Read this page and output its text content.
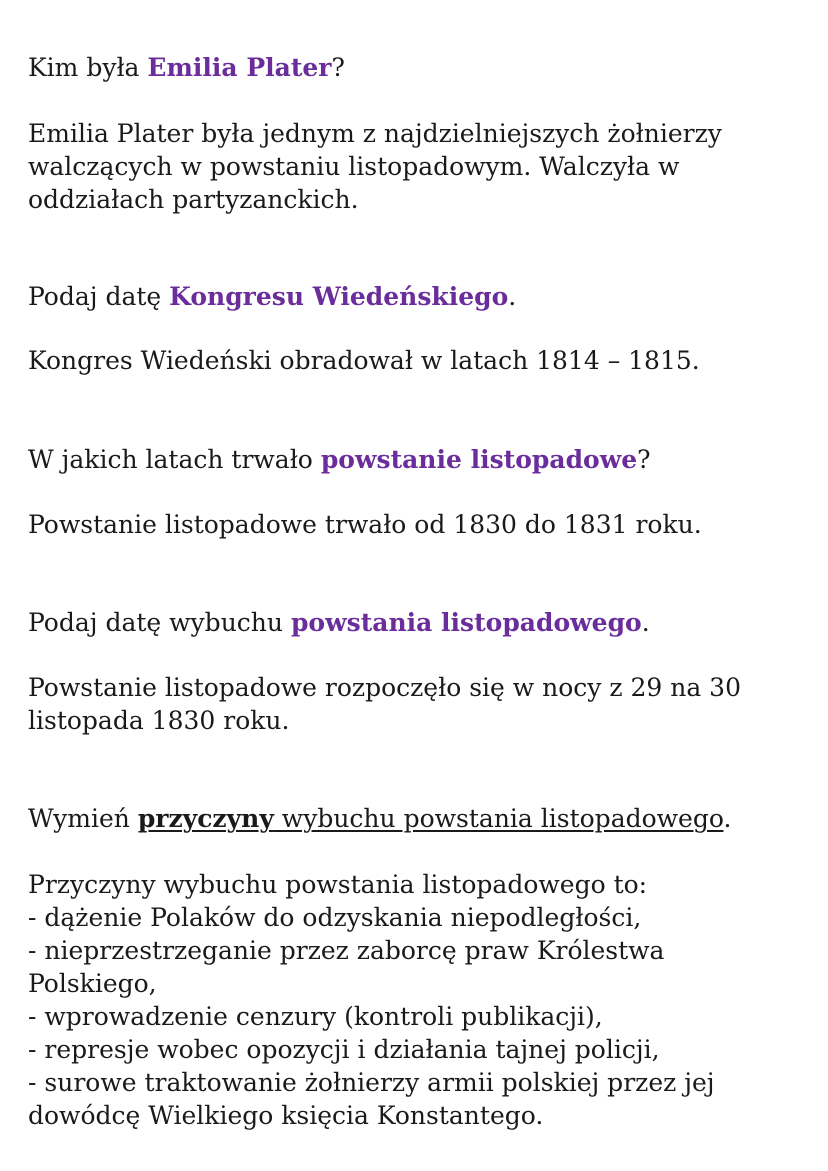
Kim była Emilia Plater?

Emilia Plater była jednym z najdzielniejszych żołnierzy

walczących w powstaniu listopadowym. Walczyła w

oddziałach partyzanckich.

Podaj datę Kongresu Wiedeńskiego.

Kongres Wiedeński obradował w latach 1814 – 1815.

W jakich latach trwało powstanie listopadowe?

Powstanie listopadowe trwało od 1830 do 1831 roku.

Podaj datę wybuchu powstania listopadowego.

Powstanie listopadowe rozpoczęło się w nocy z 29 na 30

listopada 1830 roku.

Wymień przyczyny wybuchu powstania listopadowego.

Przyczyny wybuchu powstania listopadowego to:

- dążenie Polaków do odzyskania niepodległości,

- nieprzestrzeganie przez zaborcę praw Królestwa

Polskiego,

- wprowadzenie cenzury (kontroli publikacji),

- represje wobec opozycji i działania tajnej policji,

- surowe traktowanie żołnierzy armii polskiej przez jej

dowódcę Wielkiego księcia Konstantego.
